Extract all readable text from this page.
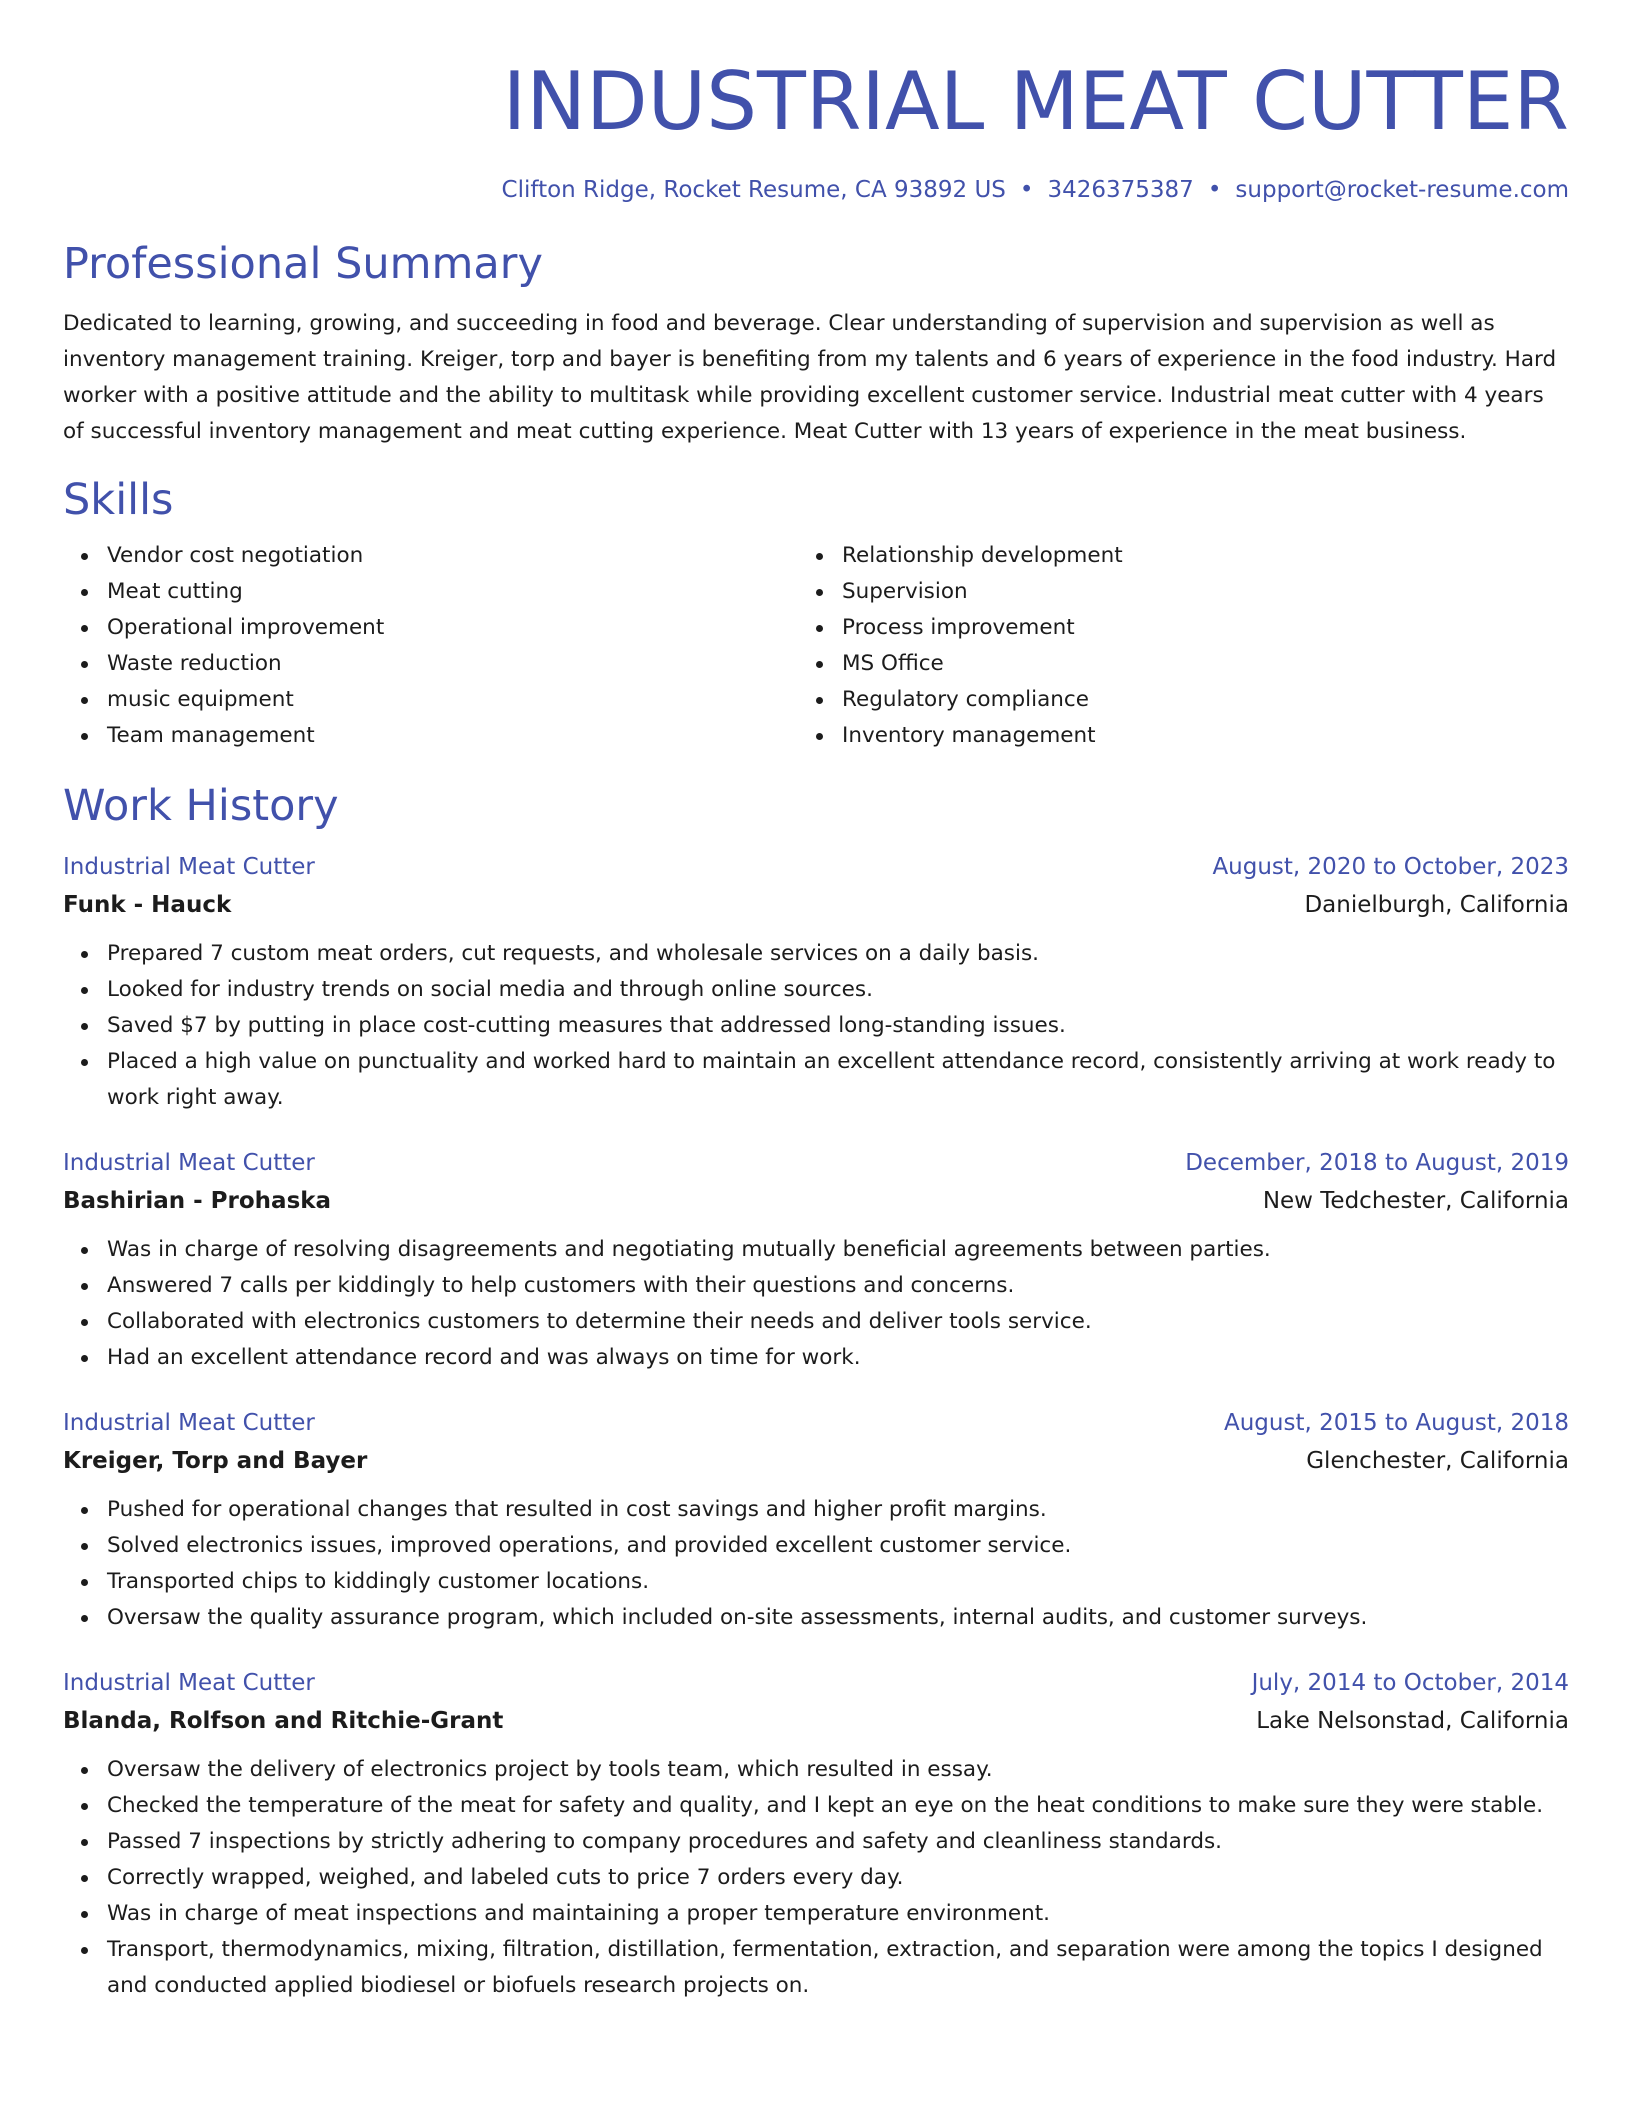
INDUSTRIAL MEAT CUTTER
Clifton Ridge, Rocket Resume, CA 93892 US • 3426375387 • support@rocket-resume.com
Professional Summary
Dedicated to learning, growing, and succeeding in food and beverage. Clear understanding of supervision and supervision as well as inventory management training. Kreiger, torp and bayer is benefiting from my talents and 6 years of experience in the food industry. Hard worker with a positive attitude and the ability to multitask while providing excellent customer service. Industrial meat cutter with 4 years of successful inventory management and meat cutting experience. Meat Cutter with 13 years of experience in the meat business.
Skills
Vendor cost negotiation
Meat cutting
Operational improvement
Waste reduction
music equipment
Team management
Relationship development
Supervision
Process improvement
MS Office
Regulatory compliance
Inventory management
Work History
Industrial Meat Cutter	August, 2020 to October, 2023
Funk - Hauck	Danielburgh, California
Prepared 7 custom meat orders, cut requests, and wholesale services on a daily basis.
Looked for industry trends on social media and through online sources.
Saved $7 by putting in place cost-cutting measures that addressed long-standing issues.
Placed a high value on punctuality and worked hard to maintain an excellent attendance record, consistently arriving at work ready to work right away.
Industrial Meat Cutter	December, 2018 to August, 2019
Bashirian - Prohaska	New Tedchester, California
Was in charge of resolving disagreements and negotiating mutually beneficial agreements between parties.
Answered 7 calls per kiddingly to help customers with their questions and concerns.
Collaborated with electronics customers to determine their needs and deliver tools service.
Had an excellent attendance record and was always on time for work.
Industrial Meat Cutter	August, 2015 to August, 2018
Kreiger, Torp and Bayer	Glenchester, California
Pushed for operational changes that resulted in cost savings and higher profit margins.
Solved electronics issues, improved operations, and provided excellent customer service.
Transported chips to kiddingly customer locations.
Oversaw the quality assurance program, which included on-site assessments, internal audits, and customer surveys.
Industrial Meat Cutter	July, 2014 to October, 2014
Blanda, Rolfson and Ritchie-Grant	Lake Nelsonstad, California
Oversaw the delivery of electronics project by tools team, which resulted in essay.
Checked the temperature of the meat for safety and quality, and I kept an eye on the heat conditions to make sure they were stable.
Passed 7 inspections by strictly adhering to company procedures and safety and cleanliness standards.
Correctly wrapped, weighed, and labeled cuts to price 7 orders every day.
Was in charge of meat inspections and maintaining a proper temperature environment.
Transport, thermodynamics, mixing, filtration, distillation, fermentation, extraction, and separation were among the topics I designed and conducted applied biodiesel or biofuels research projects on.
